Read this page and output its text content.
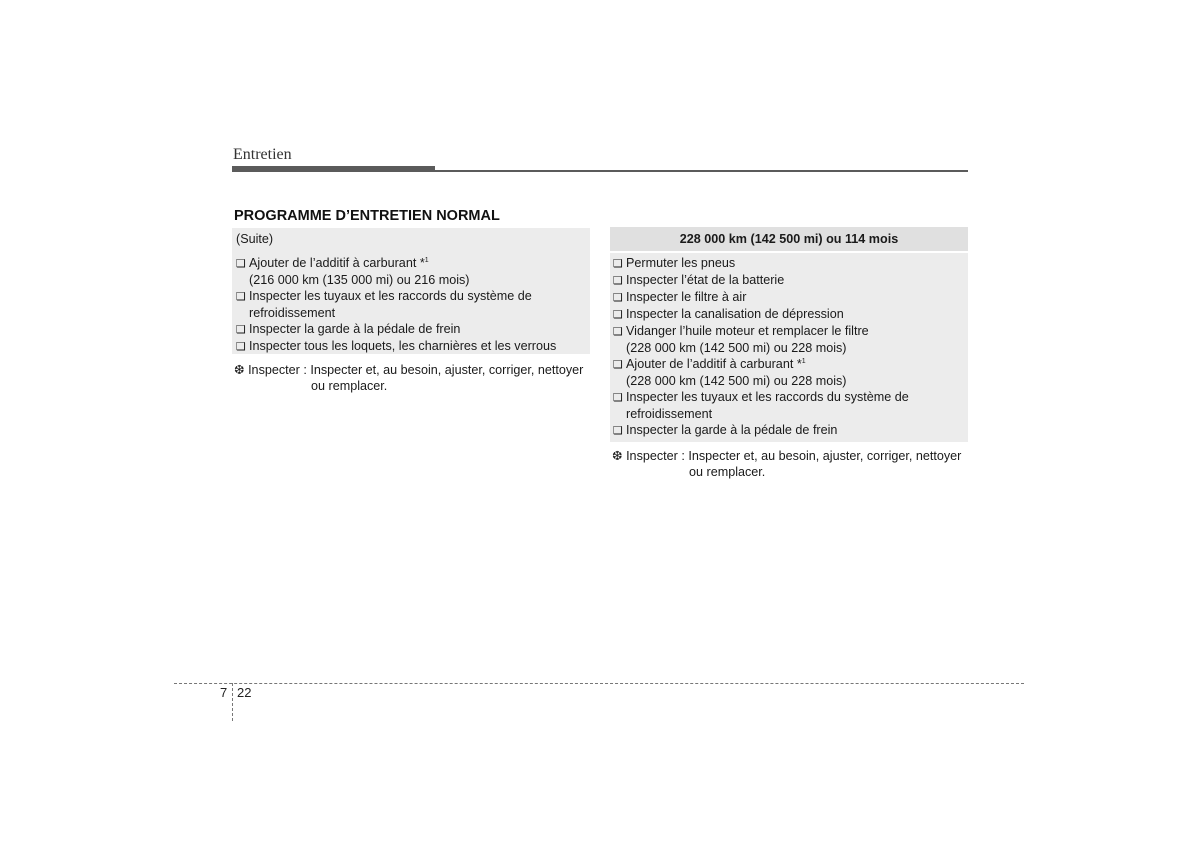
Entretien
PROGRAMME D’ENTRETIEN NORMAL
(Suite)
❑ Ajouter de l’additif à carburant *$^1$
(216 000 km (135 000 mi) ou 216 mois)
❑ Inspecter les tuyaux et les raccords du système de
refroidissement
❑ Inspecter la garde à la pédale de frein
❑ Inspecter tous les loquets, les charnières et les verrous
❆ Inspecter : Inspecter et, au besoin, ajuster, corriger, nettoyer
ou remplacer.
228 000 km (142 500 mi) ou 114 mois
❑ Permuter les pneus
❑ Inspecter l’état de la batterie
❑ Inspecter le filtre à air
❑ Inspecter la canalisation de dépression
❑ Vidanger l’huile moteur et remplacer le filtre
(228 000 km (142 500 mi) ou 228 mois)
❑ Ajouter de l’additif à carburant *$^1$
(228 000 km (142 500 mi) ou 228 mois)
❑ Inspecter les tuyaux et les raccords du système de
refroidissement
❑ Inspecter la garde à la pédale de frein
❆ Inspecter : Inspecter et, au besoin, ajuster, corriger, nettoyer
ou remplacer.
7 22
